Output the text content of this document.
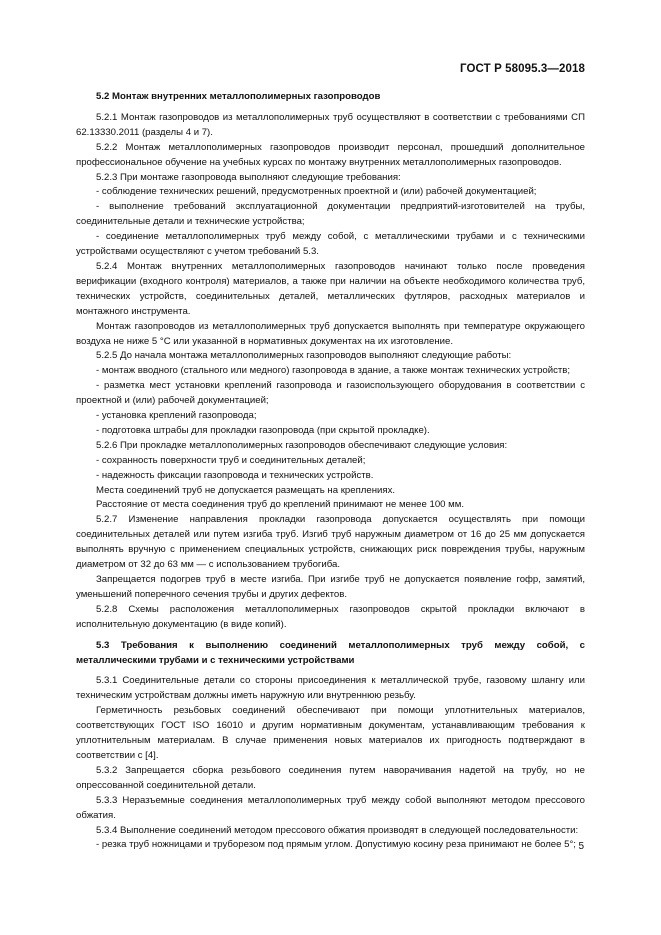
ГОСТ Р 58095.3—2018

5.2 Монтаж внутренних металлополимерных газопроводов

5.2.1 Монтаж газопроводов из металлополимерных труб осуществляют в соответствии с требованиями СП 62.13330.2011 (разделы 4 и 7).

5.2.2 Монтаж металлополимерных газопроводов производит персонал, прошедший дополнительное профессиональное обучение на учебных курсах по монтажу внутренних металлополимерных газопроводов.

5.2.3 При монтаже газопровода выполняют следующие требования:

- соблюдение технических решений, предусмотренных проектной и (или) рабочей документацией;

- выполнение требований эксплуатационной документации предприятий-изготовителей на трубы, соединительные детали и технические устройства;

- соединение металлополимерных труб между собой, с металлическими трубами и с техническими устройствами осуществляют с учетом требований 5.3.

5.2.4 Монтаж внутренних металлополимерных газопроводов начинают только после проведения верификации (входного контроля) материалов, а также при наличии на объекте необходимого количества труб, технических устройств, соединительных деталей, металлических футляров, расходных материалов и монтажного инструмента.

Монтаж газопроводов из металлополимерных труб допускается выполнять при температуре окружающего воздуха не ниже 5 °С или указанной в нормативных документах на их изготовление.

5.2.5 До начала монтажа металлополимерных газопроводов выполняют следующие работы:

- монтаж вводного (стального или медного) газопровода в здание, а также монтаж технических устройств;

- разметка мест установки креплений газопровода и газоиспользующего оборудования в соответствии с проектной и (или) рабочей документацией;

- установка креплений газопровода;

- подготовка штрабы для прокладки газопровода (при скрытой прокладке).

5.2.6 При прокладке металлополимерных газопроводов обеспечивают следующие условия:

- сохранность поверхности труб и соединительных деталей;

- надежность фиксации газопровода и технических устройств.

Места соединений труб не допускается размещать на креплениях.

Расстояние от места соединения труб до креплений принимают не менее 100 мм.

5.2.7 Изменение направления прокладки газопровода допускается осуществлять при помощи соединительных деталей или путем изгиба труб. Изгиб труб наружным диаметром от 16 до 25 мм допускается выполнять вручную с применением специальных устройств, снижающих риск повреждения трубы, наружным диаметром от 32 до 63 мм — с использованием трубогиба.

Запрещается подогрев труб в месте изгиба. При изгибе труб не допускается появление гофр, замятий, уменьшений поперечного сечения трубы и других дефектов.

5.2.8 Схемы расположения металлополимерных газопроводов скрытой прокладки включают в исполнительную документацию (в виде копий).

5.3 Требования к выполнению соединений металлополимерных труб между собой, с металлическими трубами и с техническими устройствами

5.3.1 Соединительные детали со стороны присоединения к металлической трубе, газовому шлангу или техническим устройствам должны иметь наружную или внутреннюю резьбу.

Герметичность резьбовых соединений обеспечивают при помощи уплотнительных материалов, соответствующих ГОСТ ISO 16010 и другим нормативным документам, устанавливающим требования к уплотнительным материалам. В случае применения новых материалов их пригодность подтверждают в соответствии с [4].

5.3.2 Запрещается сборка резьбового соединения путем наворачивания надетой на трубу, но не опрессованной соединительной детали.

5.3.3 Неразъемные соединения металлополимерных труб между собой выполняют методом прессового обжатия.

5.3.4 Выполнение соединений методом прессового обжатия производят в следующей последовательности:

- резка труб ножницами и труборезом под прямым углом. Допустимую косину реза принимают не более 5°; 5
